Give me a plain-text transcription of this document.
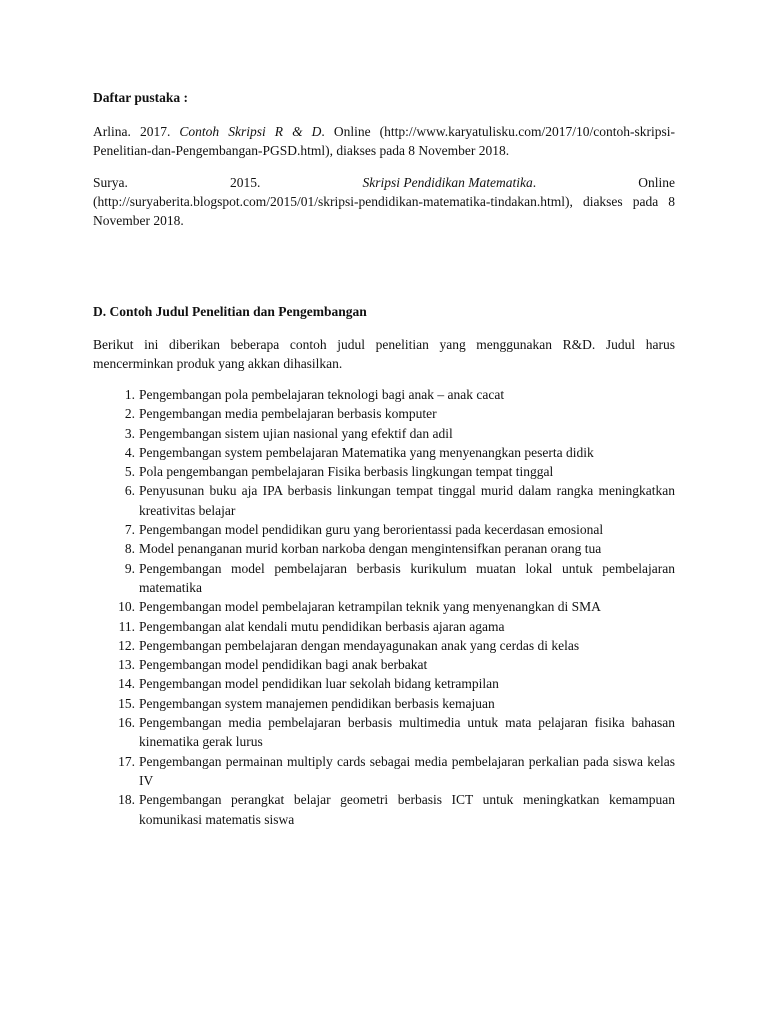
Daftar pustaka :

Arlina. 2017. Contoh Skripsi R & D. Online (http://www.karyatulisku.com/2017/10/contoh-skripsi-Penelitian-dan-Pengembangan-PGSD.html), diakses pada 8 November 2018.

Surya.	2015.	Skripsi Pendidikan Matematika.	Online
(http://suryaberita.blogspot.com/2015/01/skripsi-pendidikan-matematika-tindakan.html), diakses pada 8 November 2018.

D. Contoh Judul Penelitian dan Pengembangan

Berikut ini diberikan beberapa contoh judul penelitian yang menggunakan R&D. Judul harus mencerminkan produk yang akkan dihasilkan.

1. Pengembangan pola pembelajaran teknologi bagi anak – anak cacat
2. Pengembangan media pembelajaran berbasis komputer
3. Pengembangan sistem ujian nasional yang efektif dan adil
4. Pengembangan system pembelajaran Matematika yang menyenangkan peserta didik
5. Pola pengembangan pembelajaran Fisika berbasis lingkungan tempat tinggal
6. Penyusunan buku aja IPA berbasis linkungan tempat tinggal murid dalam rangka meningkatkan kreativitas belajar
7. Pengembangan model pendidikan guru yang berorientassi pada kecerdasan emosional
8. Model penanganan murid korban narkoba dengan mengintensifkan peranan orang tua
9. Pengembangan model pembelajaran berbasis kurikulum muatan lokal untuk pembelajaran matematika
10. Pengembangan model pembelajaran ketrampilan teknik yang menyenangkan di SMA
11. Pengembangan alat kendali mutu pendidikan berbasis ajaran agama
12. Pengembangan pembelajaran dengan mendayagunakan anak yang cerdas di kelas
13. Pengembangan model pendidikan bagi anak berbakat
14. Pengembangan model pendidikan luar sekolah bidang ketrampilan
15. Pengembangan system manajemen pendidikan berbasis kemajuan
16. Pengembangan media pembelajaran berbasis multimedia untuk mata pelajaran fisika bahasan kinematika gerak lurus
17. Pengembangan permainan multiply cards sebagai media pembelajaran perkalian pada siswa kelas IV
18. Pengembangan perangkat belajar geometri berbasis ICT untuk meningkatkan kemampuan komunikasi matematis siswa
